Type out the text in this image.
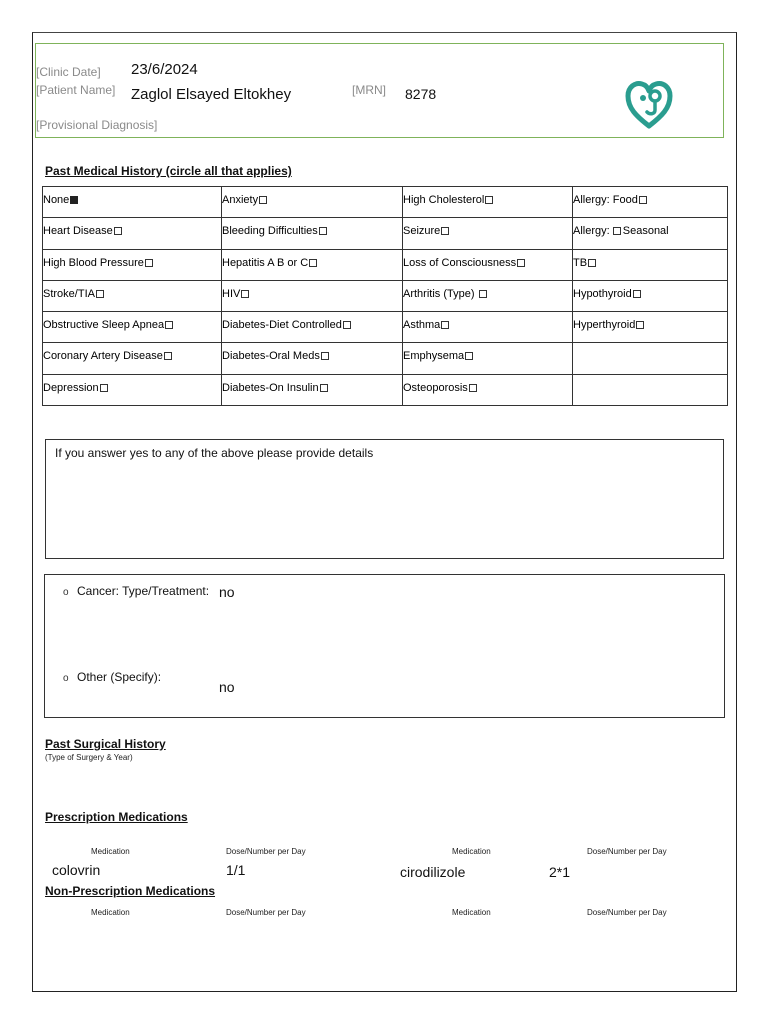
[Clinic Date] 23/6/2024
[Patient Name] Zaglol Elsayed Eltokhey	[MRN] 8278
[Provisional Diagnosis]
Past Medical History (circle all that applies)
None	Anxiety	High Cholesterol	Allergy: Food
Heart Disease	Bleeding Difficulties	Seizure	Allergy: Seasonal
High Blood Pressure	Hepatitis A B or C	Loss of Consciousness	TB
Stroke/TIA	HIV	Arthritis (Type)	Hypothyroid
Obstructive Sleep Apnea	Diabetes-Diet Controlled	Asthma	Hyperthyroid
Coronary Artery Disease	Diabetes-Oral Meds	Emphysema	
Depression	Diabetes-On Insulin	Osteoporosis	
If you answer yes to any of the above please provide details
o Cancer: Type/Treatment: no
o Other (Specify):
no
Past Surgical History
(Type of Surgery & Year)
Prescription Medications
Medication	Dose/Number per Day	Medication	Dose/Number per Day
colovrin	1/1	cirodilizole	2*1
Non-Prescription Medications
Medication	Dose/Number per Day	Medication	Dose/Number per Day
